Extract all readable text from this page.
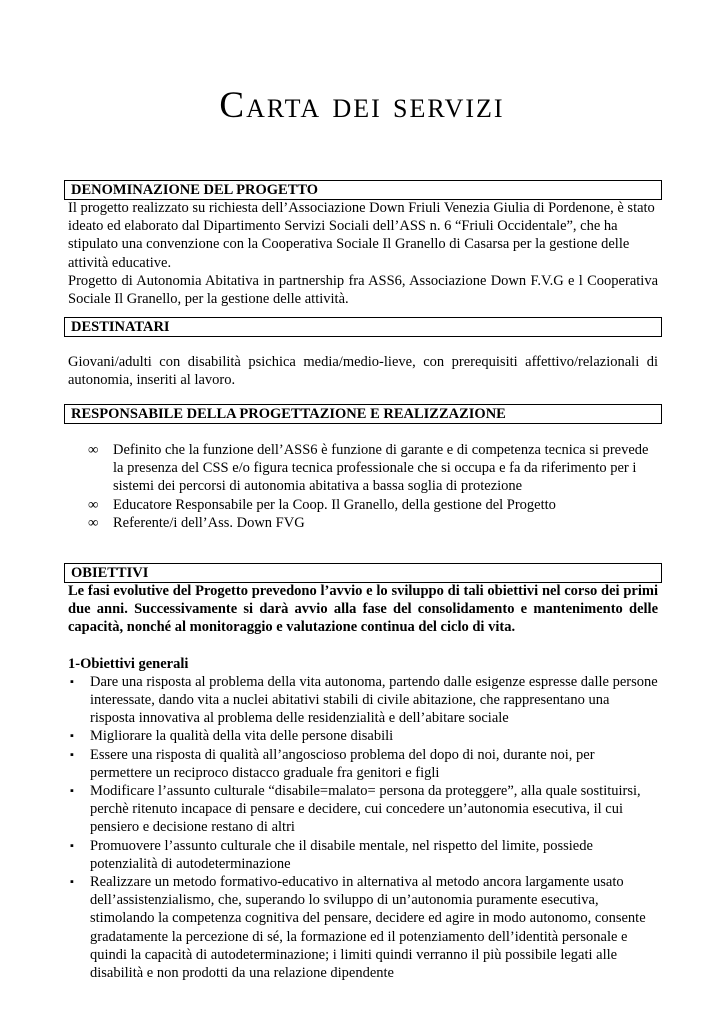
Carta dei servizi
DENOMINAZIONE DEL PROGETTO

Il progetto realizzato su richiesta dell’Associazione Down Friuli Venezia Giulia di Pordenone, è stato ideato ed elaborato dal Dipartimento Servizi Sociali dell’ASS n. 6 “Friuli Occidentale”, che ha stipulato una convenzione con la Cooperativa Sociale Il Granello di Casarsa per la gestione delle attività educative.

Progetto di Autonomia Abitativa in partnership fra ASS6, Associazione Down F.V.G e l Cooperativa Sociale Il Granello, per la gestione delle attività.

DESTINATARI
Giovani/adulti con disabilità psichica media/medio-lieve, con prerequisiti affettivo/relazionali di autonomia, inseriti al lavoro.
RESPONSABILE DELLA PROGETTAZIONE E REALIZZAZIONE
∞ Definito che la funzione dell’ASS6 è funzione di garante e di competenza tecnica si prevede la presenza del CSS e/o figura tecnica professionale che si occupa e fa da riferimento per i sistemi dei percorsi di autonomia abitativa a bassa soglia di protezione
∞ Educatore Responsabile per la Coop. Il Granello, della gestione del Progetto
∞ Referente/i dell’Ass. Down FVG
OBIETTIVI

Le fasi evolutive del Progetto prevedono l’avvio e lo sviluppo di tali obiettivi nel corso dei primi due anni. Successivamente si darà avvio alla fase del consolidamento e mantenimento delle capacità, nonché al monitoraggio e valutazione continua del ciclo di vita.

1-Obiettivi generali

▪ Dare una risposta al problema della vita autonoma, partendo dalle esigenze espresse dalle persone interessate, dando vita a nuclei abitativi stabili di civile abitazione, che rappresentano una risposta innovativa al problema delle residenzialità e dell’abitare sociale
▪ Migliorare la qualità della vita delle persone disabili
▪ Essere una risposta di qualità all’angoscioso problema del dopo di noi, durante noi, per permettere un reciproco distacco graduale fra genitori e figli
▪ Modificare l’assunto culturale “disabile=malato= persona da proteggere”, alla quale sostituirsi, perchè ritenuto incapace di pensare e decidere, cui concedere un’autonomia esecutiva, il cui pensiero e decisione restano di altri
▪ Promuovere l’assunto culturale che il disabile mentale, nel rispetto del limite, possiede potenzialità di autodeterminazione
▪ Realizzare un metodo formativo-educativo in alternativa al metodo ancora largamente usato dell’assistenzialismo, che, superando lo sviluppo di un’autonomia puramente esecutiva, stimolando la competenza cognitiva del pensare, decidere ed agire in modo autonomo, consente gradatamente la percezione di sé, la formazione ed il potenziamento dell’identità personale e quindi la capacità di autodeterminazione; i limiti quindi verranno il più possibile legati alle disabilità e non prodotti da una relazione dipendente
